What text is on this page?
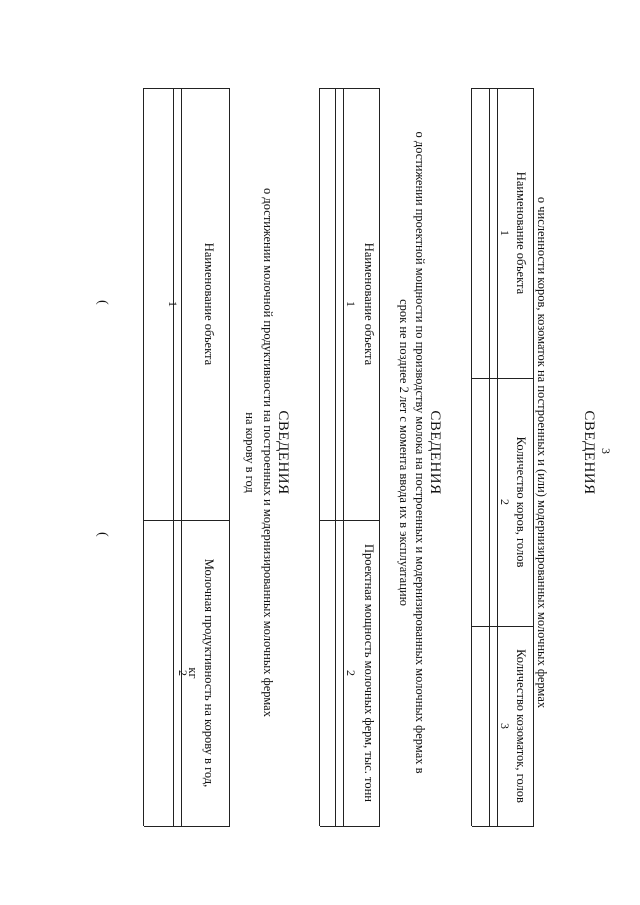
3
СВЕДЕНИЯ
о численности коров, козоматок на построенных и (или) модернизированных молочных фермах
Наименование объекта
Количество коров, голов
Количество козоматок, голов
1
2
3
СВЕДЕНИЯ
о достижении проектной мощности по производству молока на построенных и модернизированных молочных фермах в
срок не позднее 2 лет с момента ввода их в эксплуатацию
Наименование объекта
Проектная мощность молочных ферм, тыс. тонн
1
2
СВЕДЕНИЯ
о достижении молочной продуктивности на построенных и модернизированных молочных фермах
на корову в год
Наименование объекта
Молочная продуктивность на корову в год,
кг
1
2
(
(
